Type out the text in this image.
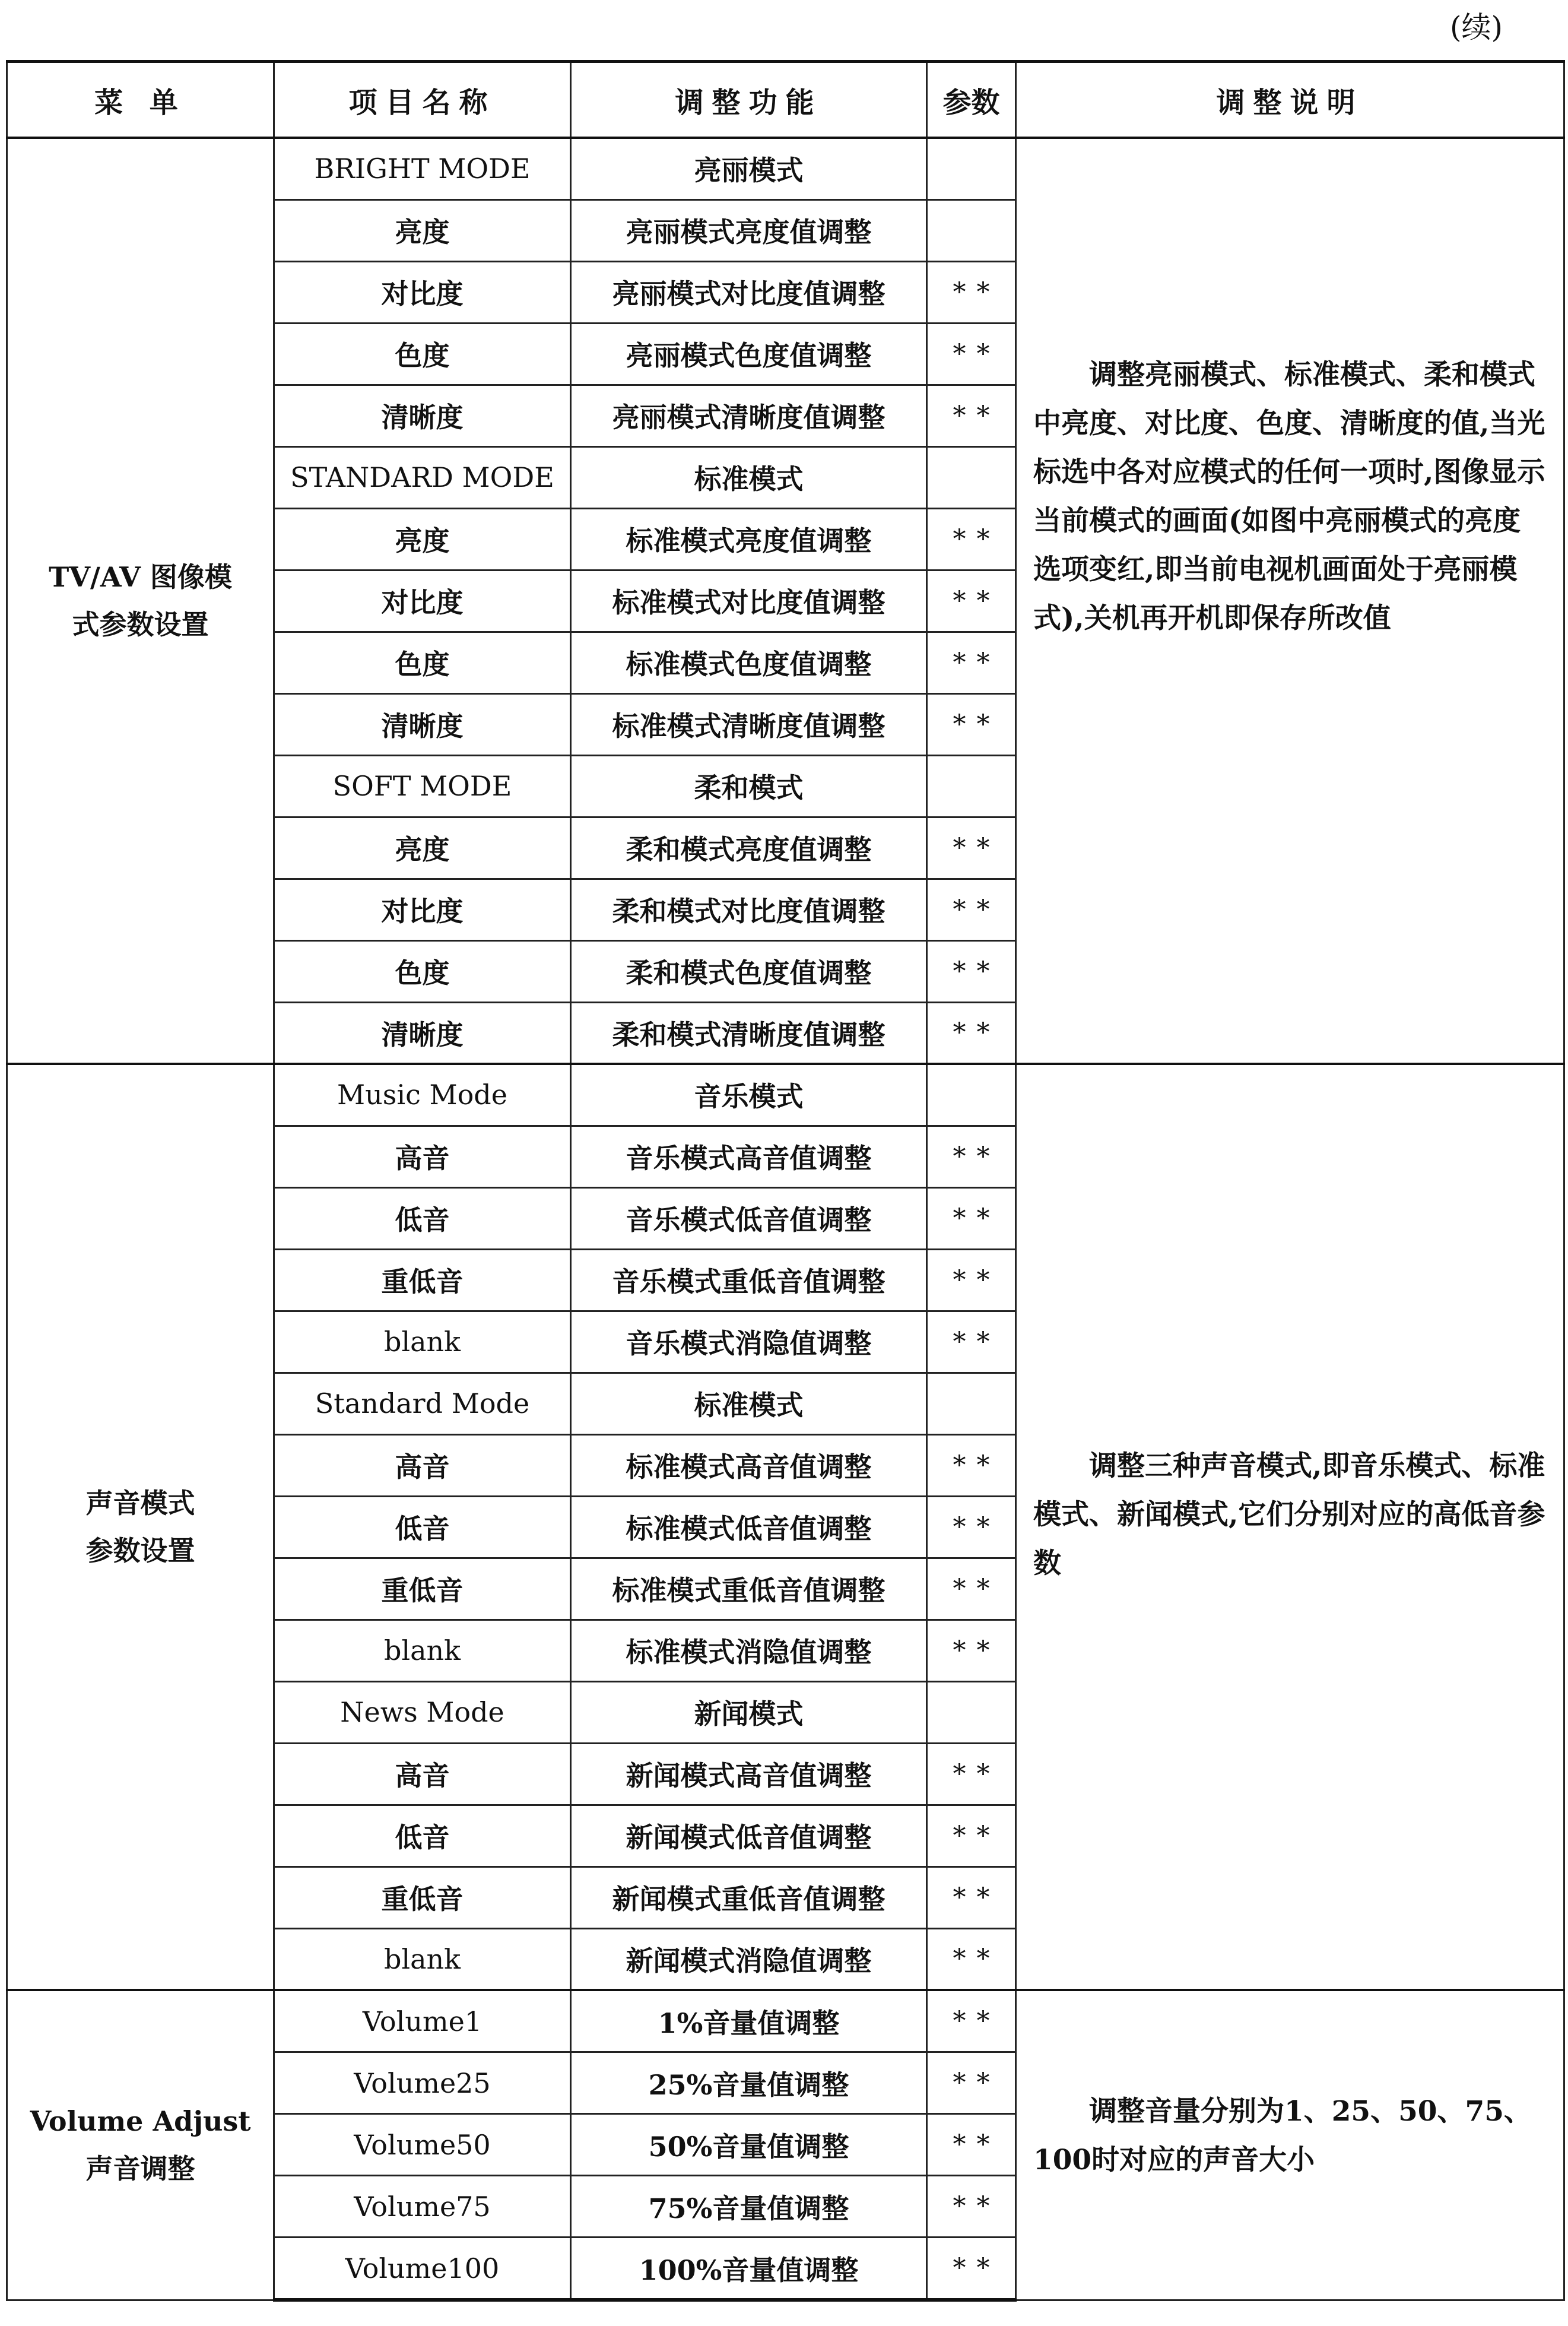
(续)
菜 单	项目名称	调整功能	参数	调整说明

TV/AV 图像模
式参数设置	BRIGHT MODE	亮丽模式		调整亮丽模式、标准模式、柔和模式中亮度、对比度、色度、清晰度的值,当光标选中各对应模式的任何一项时,图像显示当前模式的画面(如图中亮丽模式的亮度选项变红,即当前电视机画面处于亮丽模式),关机再开机即保存所改值
	亮度	亮丽模式亮度值调整		
	对比度	亮丽模式对比度值调整	**	
	色度	亮丽模式色度值调整	**	
	清晰度	亮丽模式清晰度值调整	**	
	STANDARD MODE	标准模式		
	亮度	标准模式亮度值调整	**	
	对比度	标准模式对比度值调整	**	
	色度	标准模式色度值调整	**	
	清晰度	标准模式清晰度值调整	**	
	SOFT MODE	柔和模式		
	亮度	柔和模式亮度值调整	**	
	对比度	柔和模式对比度值调整	**	
	色度	柔和模式色度值调整	**	
	清晰度	柔和模式清晰度值调整	**	

声音模式
参数设置	Music Mode	音乐模式		调整三种声音模式,即音乐模式、标准模式、新闻模式,它们分别对应的高低音参数
	高音	音乐模式高音值调整	**	
	低音	音乐模式低音值调整	**	
	重低音	音乐模式重低音值调整	**	
	blank	音乐模式消隐值调整	**	
	Standard Mode	标准模式		
	高音	标准模式高音值调整	**	
	低音	标准模式低音值调整	**	
	重低音	标准模式重低音值调整	**	
	blank	标准模式消隐值调整	**	
	News Mode	新闻模式		
	高音	新闻模式高音值调整	**	
	低音	新闻模式低音值调整	**	
	重低音	新闻模式重低音值调整	**	
	blank	新闻模式消隐值调整	**	

Volume Adjust
声音调整	Volume1	1%音量值调整	**	调整音量分别为1、25、50、75、100时对应的声音大小
	Volume25	25%音量值调整	**	
	Volume50	50%音量值调整	**	
	Volume75	75%音量值调整	**	
	Volume100	100%音量值调整	**	
